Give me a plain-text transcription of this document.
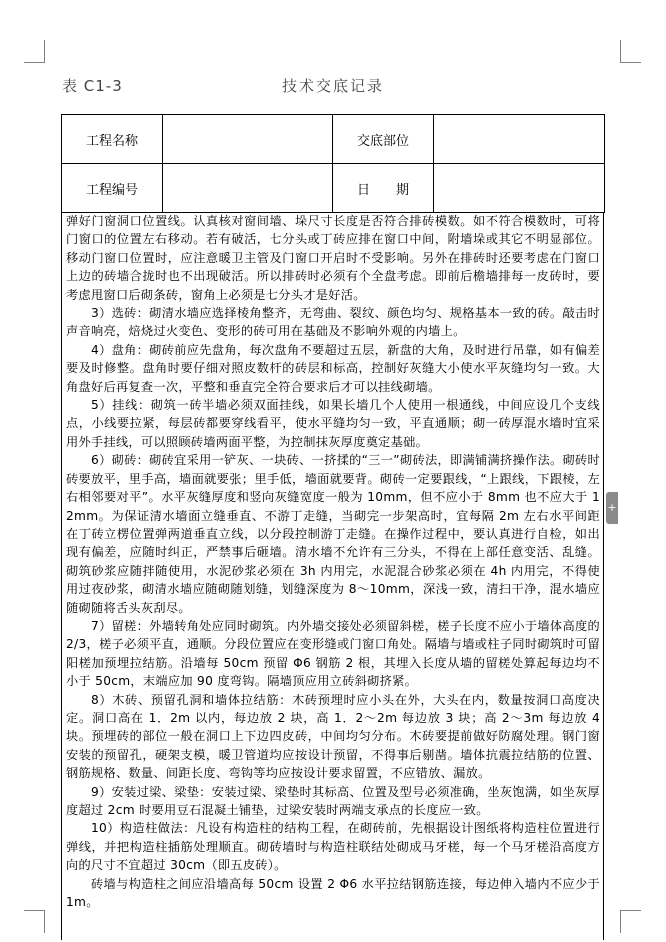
表 C1-3	技术交底记录
工程名称		交底部位	
工程编号		日 期	

弹好门窗洞口位置线。认真核对窗间墙、垛尺寸长度是否符合排砖模数。如不符合模数时，可将门窗口的位置左右移动。若有破活，七分头或丁砖应排在窗口中间，附墙垛或其它不明显部位。移动门窗口位置时，应注意暖卫主管及门窗口开启时不受影响。另外在排砖时还要考虑在门窗口上边的砖墙合拢时也不出现破活。所以排砖时必须有个全盘考虑。即前后檐墙排每一皮砖时，要考虑甩窗口后砌条砖，窗角上必须是七分头才是好活。

3）选砖：砌清水墙应选择棱角整齐，无弯曲、裂纹、颜色均匀、规格基本一致的砖。敲击时声音响亮，焙烧过火变色、变形的砖可用在基础及不影响外观的内墙上。

4）盘角：砌砖前应先盘角，每次盘角不要超过五层，新盘的大角，及时进行吊靠，如有偏差要及时修整。盘角时要仔细对照皮数杆的砖层和标高，控制好灰缝大小使水平灰缝均匀一致。大角盘好后再复查一次，平整和垂直完全符合要求后才可以挂线砌墙。

5）挂线：砌筑一砖半墙必须双面挂线，如果长墙几个人使用一根通线，中间应设几个支线点，小线要拉紧，每层砖都要穿线看平，使水平缝均匀一致，平直通顺；砌一砖厚混水墙时宜采用外手挂线，可以照顾砖墙两面平整，为控制抹灰厚度奠定基础。

6）砌砖：砌砖宜采用一铲灰、一块砖、一挤揉的“三一”砌砖法，即满铺满挤操作法。砌砖时砖要放平，里手高，墙面就要张；里手低，墙面就要背。砌砖一定要跟线，“上跟线，下跟棱，左右相邻要对平”。水平灰缝厚度和竖向灰缝宽度一般为 10mm，但不应小于 8mm 也不应大于 12mm。为保证清水墙面立缝垂直、不游丁走缝，当砌完一步架高时，宜每隔 2m 左右水平间距在丁砖立楞位置弹两道垂直立线，以分段控制游丁走缝。在操作过程中，要认真进行自检，如出现有偏差，应随时纠正，严禁事后砸墙。清水墙不允许有三分头，不得在上部任意变活、乱缝。砌筑砂浆应随拌随使用，水泥砂浆必须在 3h 内用完，水泥混合砂浆必须在 4h 内用完，不得使用过夜砂浆，砌清水墙应随砌随划缝，划缝深度为 8～10mm，深浅一致，清扫干净，混水墙应随砌随将舌头灰刮尽。

7）留槎：外墙转角处应同时砌筑。内外墙交接处必须留斜槎，槎子长度不应小于墙体高度的 2/3，槎子必须平直，通顺。分段位置应在变形缝或门窗口角处。隔墙与墙或柱子同时砌筑时可留阳槎加预埋拉结筋。沿墙每 50cm 预留 Φ6 钢筋 2 根，其埋入长度从墙的留槎处算起每边均不小于 50cm，末端应加 90 度弯钩。隔墙顶应用立砖斜砌挤紧。

8）木砖、预留孔洞和墙体拉结筋：木砖预埋时应小头在外，大头在内，数量按洞口高度决定。洞口高在 1．2m 以内，每边放 2 块，高 1．2～2m 每边放 3 块；高 2～3m 每边放 4 块。预埋砖的部位一般在洞口上下边四皮砖，中间均匀分布。木砖要提前做好防腐处理。钢门窗安装的预留孔，硬架支模，暖卫管道均应按设计预留，不得事后剔凿。墙体抗震拉结筋的位置、钢筋规格、数量、间距长度、弯钩等均应按设计要求留置，不应错放、漏放。

9）安装过梁、梁垫：安装过梁、梁垫时其标高、位置及型号必须准确，坐灰饱满，如坐灰厚度超过 2cm 时要用豆石混凝土铺垫，过梁安装时两端支承点的长度应一致。

10）构造柱做法：凡设有构造柱的结构工程，在砌砖前，先根据设计图纸将构造柱位置进行弹线，并把构造柱插筋处理顺直。砌砖墙时与构造柱联结处砌成马牙槎，每一个马牙槎沿高度方向的尺寸不宜超过 30cm（即五皮砖）。

砖墙与构造柱之间应沿墙高每 50cm 设置 2 Φ6 水平拉结钢筋连接，每边伸入墙内不应少于 1m。

+
